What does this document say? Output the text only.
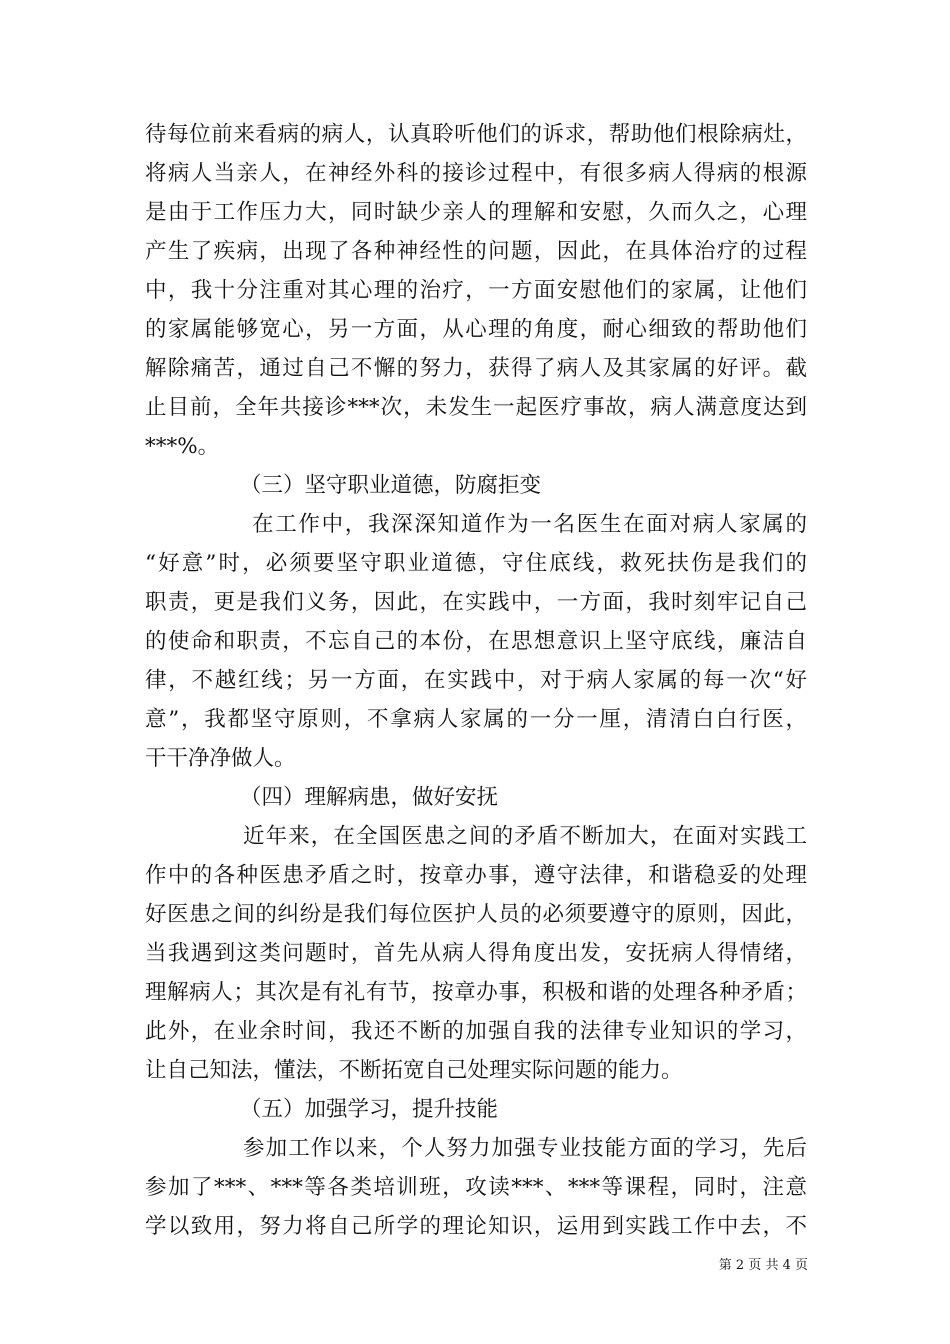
待每位前来看病的病人，认真聆听他们的诉求，帮助他们根除病灶，

将病人当亲人，在神经外科的接诊过程中，有很多病人得病的根源

是由于工作压力大，同时缺少亲人的理解和安慰，久而久之，心理

产生了疾病，出现了各种神经性的问题，因此，在具体治疗的过程

中，我十分注重对其心理的治疗，一方面安慰他们的家属，让他们

的家属能够宽心，另一方面，从心理的角度，耐心细致的帮助他们

解除痛苦，通过自己不懈的努力，获得了病人及其家属的好评。截

止目前，全年共接诊***次，未发生一起医疗事故，病人满意度达到

***%。

（三）坚守职业道德，防腐拒变

在工作中，我深深知道作为一名医生在面对病人家属的

“好意”时，必须要坚守职业道德，守住底线，救死扶伤是我们的

职责，更是我们义务，因此，在实践中，一方面，我时刻牢记自己

的使命和职责，不忘自己的本份，在思想意识上坚守底线，廉洁自

律，不越红线；另一方面，在实践中，对于病人家属的每一次“好

意”，我都坚守原则，不拿病人家属的一分一厘，清清白白行医，

干干净净做人。

（四）理解病患，做好安抚

近年来，在全国医患之间的矛盾不断加大，在面对实践工

作中的各种医患矛盾之时，按章办事，遵守法律，和谐稳妥的处理

好医患之间的纠纷是我们每位医护人员的必须要遵守的原则，因此，

当我遇到这类问题时，首先从病人得角度出发，安抚病人得情绪，

理解病人；其次是有礼有节，按章办事，积极和谐的处理各种矛盾；

此外，在业余时间，我还不断的加强自我的法律专业知识的学习，

让自己知法，懂法，不断拓宽自己处理实际问题的能力。

（五）加强学习，提升技能

参加工作以来，个人努力加强专业技能方面的学习，先后

参加了***、***等各类培训班，攻读***、***等课程，同时，注意

学以致用，努力将自己所学的理论知识，运用到实践工作中去，不

第 2 页 共 4 页
